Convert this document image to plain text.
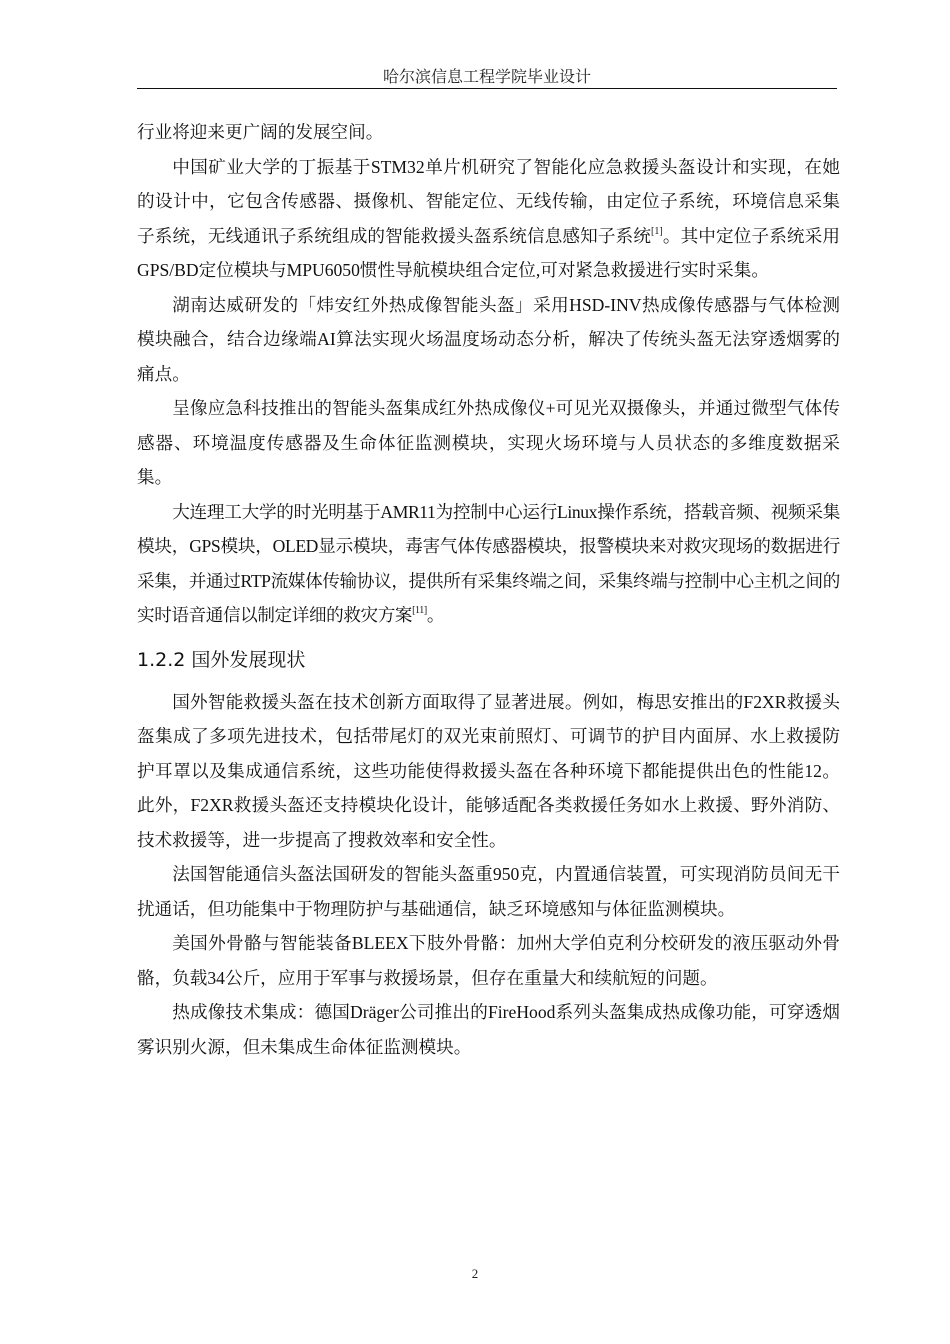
哈尔滨信息工程学院毕业设计

行业将迎来更广阔的发展空间。

中国矿业大学的丁振基于STM32单片机研究了智能化应急救援头盔设计和实现，在她的设计中，它包含传感器、摄像机、智能定位、无线传输，由定位子系统，环境信息采集子系统，无线通讯子系统组成的智能救援头盔系统信息感知子系统[1]。其中定位子系统采用GPS/BD定位模块与MPU6050惯性导航模块组合定位,可对紧急救援进行实时采集。

湖南达威研发的「炜安红外热成像智能头盔」采用HSD-INV热成像传感器与气体检测模块融合，结合边缘端AI算法实现火场温度场动态分析，解决了传统头盔无法穿透烟雾的痛点。

呈像应急科技推出的智能头盔集成红外热成像仪+可见光双摄像头，并通过微型气体传感器、环境温度传感器及生命体征监测模块，实现火场环境与人员状态的多维度数据采集。

大连理工大学的时光明基于AMR11为控制中心运行Linux操作系统，搭载音频、视频采集模块，GPS模块，OLED显示模块，毒害气体传感器模块，报警模块来对救灾现场的数据进行采集，并通过RTP流媒体传输协议，提供所有采集终端之间，采集终端与控制中心主机之间的实时语音通信以制定详细的救灾方案[11]。

1.2.2 国外发展现状

国外智能救援头盔在技术创新方面取得了显著进展。例如，梅思安推出的F2XR救援头盔集成了多项先进技术，包括带尾灯的双光束前照灯、可调节的护目内面屏、水上救援防护耳罩以及集成通信系统，这些功能使得救援头盔在各种环境下都能提供出色的性能12。此外，F2XR救援头盔还支持模块化设计，能够适配各类救援任务如水上救援、野外消防、技术救援等，进一步提高了搜救效率和安全性。

法国智能通信头盔法国研发的智能头盔重950克，内置通信装置，可实现消防员间无干扰通话，但功能集中于物理防护与基础通信，缺乏环境感知与体征监测模块。

美国外骨骼与智能装备BLEEX下肢外骨骼：加州大学伯克利分校研发的液压驱动外骨骼，负载34公斤，应用于军事与救援场景，但存在重量大和续航短的问题。

热成像技术集成：德国Dräger公司推出的FireHood系列头盔集成热成像功能，可穿透烟雾识别火源，但未集成生命体征监测模块。

2
